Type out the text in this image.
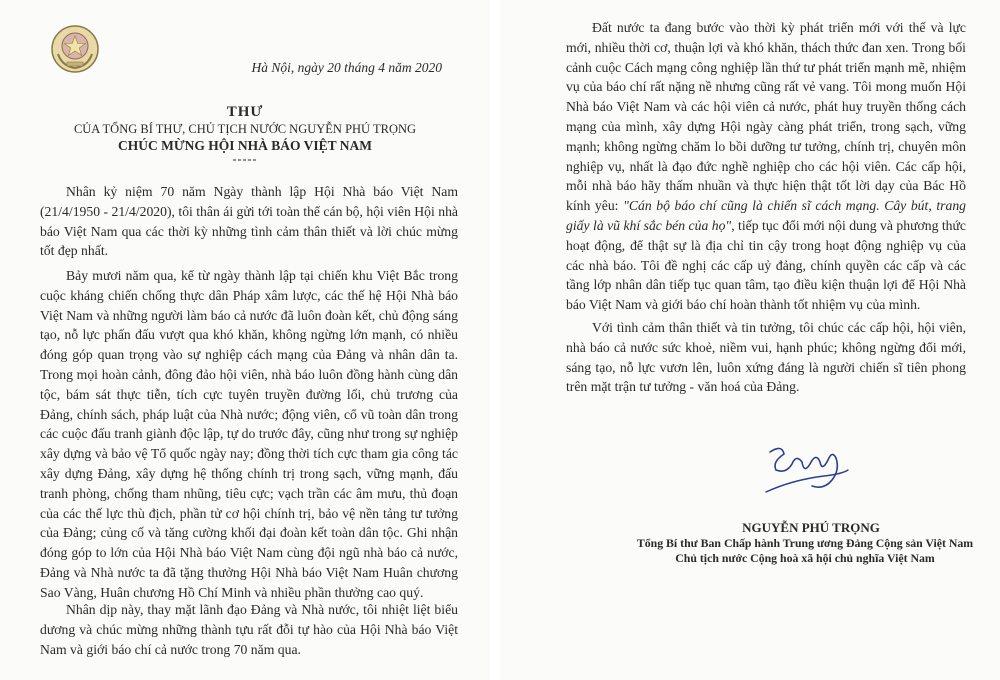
Hà Nội, ngày 20 tháng 4 năm 2020
THƯ
CỦA TỔNG BÍ THƯ, CHỦ TỊCH NƯỚC NGUYỄN PHÚ TRỌNG
CHÚC MỪNG HỘI NHÀ BÁO VIỆT NAM
-----

Nhân kỷ niệm 70 năm Ngày thành lập Hội Nhà báo Việt Nam (21/4/1950 - 21/4/2020), tôi thân ái gửi tới toàn thể cán bộ, hội viên Hội nhà báo Việt Nam qua các thời kỳ những tình cảm thân thiết và lời chúc mừng tốt đẹp nhất.

Bảy mươi năm qua, kể từ ngày thành lập tại chiến khu Việt Bắc trong cuộc kháng chiến chống thực dân Pháp xâm lược, các thế hệ Hội Nhà báo Việt Nam và những người làm báo cả nước đã luôn đoàn kết, chủ động sáng tạo, nỗ lực phấn đấu vượt qua khó khăn, không ngừng lớn mạnh, có nhiều đóng góp quan trọng vào sự nghiệp cách mạng của Đảng và nhân dân ta. Trong mọi hoàn cảnh, đông đảo hội viên, nhà báo luôn đồng hành cùng dân tộc, bám sát thực tiễn, tích cực tuyên truyền đường lối, chủ trương của Đảng, chính sách, pháp luật của Nhà nước; động viên, cổ vũ toàn dân trong các cuộc đấu tranh giành độc lập, tự do trước đây, cũng như trong sự nghiệp xây dựng và bảo vệ Tổ quốc ngày nay; đồng thời tích cực tham gia công tác xây dựng Đảng, xây dựng hệ thống chính trị trong sạch, vững mạnh, đấu tranh phòng, chống tham nhũng, tiêu cực; vạch trần các âm mưu, thủ đoạn của các thế lực thù địch, phần tử cơ hội chính trị, bảo vệ nền tảng tư tưởng của Đảng; củng cố và tăng cường khối đại đoàn kết toàn dân tộc. Ghi nhận đóng góp to lớn của Hội Nhà báo Việt Nam cùng đội ngũ nhà báo cả nước, Đảng và Nhà nước ta đã tặng thưởng Hội Nhà báo Việt Nam Huân chương Sao Vàng, Huân chương Hồ Chí Minh và nhiều phần thưởng cao quý.

Nhân dịp này, thay mặt lãnh đạo Đảng và Nhà nước, tôi nhiệt liệt biểu dương và chúc mừng những thành tựu rất đỗi tự hào của Hội Nhà báo Việt Nam và giới báo chí cả nước trong 70 năm qua.

Đất nước ta đang bước vào thời kỳ phát triển mới với thế và lực mới, nhiều thời cơ, thuận lợi và khó khăn, thách thức đan xen. Trong bối cảnh cuộc Cách mạng công nghiệp lần thứ tư phát triển mạnh mẽ, nhiệm vụ của báo chí rất nặng nề nhưng cũng rất vẻ vang. Tôi mong muốn Hội Nhà báo Việt Nam và các hội viên cả nước, phát huy truyền thống cách mạng của mình, xây dựng Hội ngày càng phát triển, trong sạch, vững mạnh; không ngừng chăm lo bồi dưỡng tư tưởng, chính trị, chuyên môn nghiệp vụ, nhất là đạo đức nghề nghiệp cho các hội viên. Các cấp hội, mỗi nhà báo hãy thấm nhuần và thực hiện thật tốt lời dạy của Bác Hồ kính yêu: "Cán bộ báo chí cũng là chiến sĩ cách mạng. Cây bút, trang giấy là vũ khí sắc bén của họ", tiếp tục đổi mới nội dung và phương thức hoạt động, để thật sự là địa chỉ tin cậy trong hoạt động nghiệp vụ của các nhà báo. Tôi đề nghị các cấp uỷ đảng, chính quyền các cấp và các tầng lớp nhân dân tiếp tục quan tâm, tạo điều kiện thuận lợi để Hội Nhà báo Việt Nam và giới báo chí hoàn thành tốt nhiệm vụ của mình.

Với tình cảm thân thiết và tin tưởng, tôi chúc các cấp hội, hội viên, nhà báo cả nước sức khoẻ, niềm vui, hạnh phúc; không ngừng đổi mới, sáng tạo, nỗ lực vươn lên, luôn xứng đáng là người chiến sĩ tiên phong trên mặt trận tư tưởng - văn hoá của Đảng.

NGUYỄN PHÚ TRỌNG
Tổng Bí thư Ban Chấp hành Trung ương Đảng Cộng sản Việt Nam
Chủ tịch nước Cộng hoà xã hội chủ nghĩa Việt Nam
